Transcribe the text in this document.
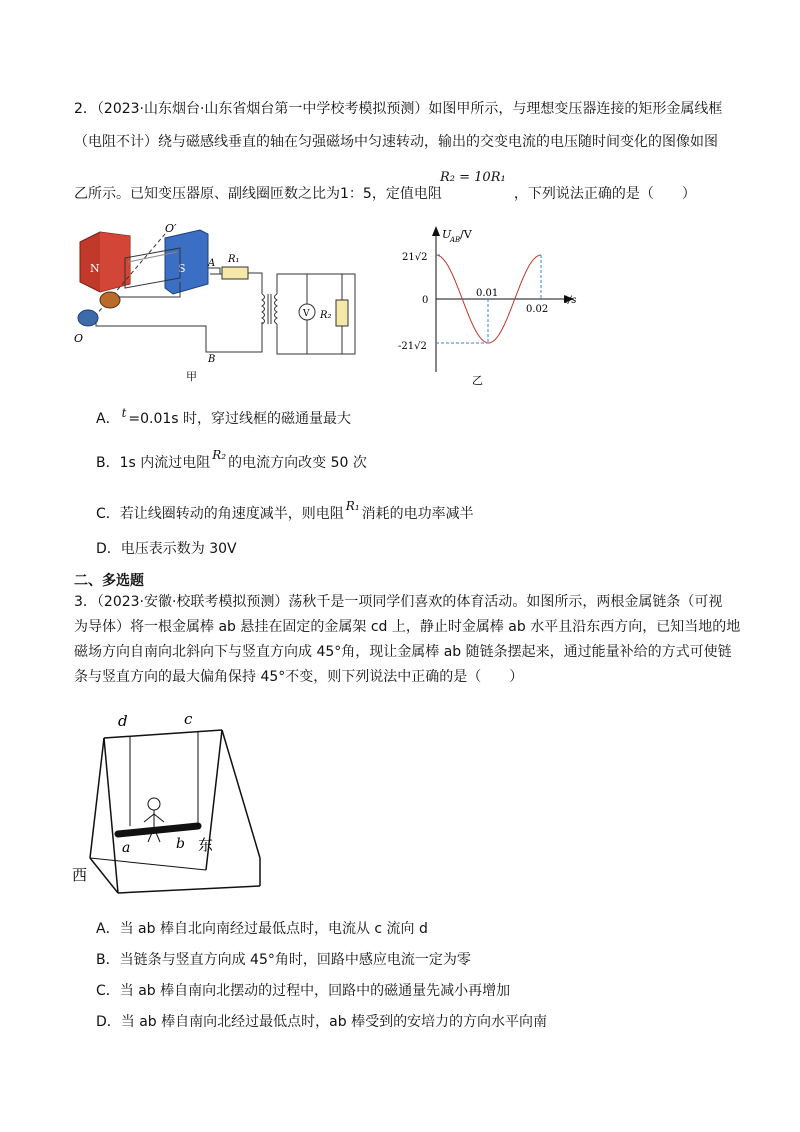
2．（2023·山东烟台·山东省烟台第一中学校考模拟预测）如图甲所示，与理想变压器连接的矩形金属线框
（电阻不计）绕与磁感线垂直的轴在匀强磁场中匀速转动，输出的交变电流的电压随时间变化的图像如图
乙所示。已知变压器原、副线圈匝数之比为1：5，定值电阻	，下列说法正确的是（　　）
R₂ = 10R₁
N	S
O′
O
A R₁
B
V R₂
甲
U
AB /V
21√2
0
-21√2
0.01
0.02
t/s
乙
A． t =0.01s 时，穿过线框的磁通量最大
B．1s 内流过电阻 R₂ 的电流方向改变 50 次
C．若让线圈转动的角速度减半，则电阻 R₁ 消耗的电功率减半
D．电压表示数为 30V
二、多选题
3．（2023·安徽·校联考模拟预测）荡秋千是一项同学们喜欢的体育活动。如图所示，两根金属链条（可视
为导体）将一根金属棒 ab 悬挂在固定的金属架 cd 上，静止时金属棒 ab 水平且沿东西方向，已知当地的地
磁场方向自南向北斜向下与竖直方向成 45°角，现让金属棒 ab 随链条摆起来，通过能量补给的方式可使链
条与竖直方向的最大偏角保持 45°不变，则下列说法中正确的是（　　）
d	c
a	b 东
西
A．当 ab 棒自北向南经过最低点时，电流从 c 流向 d
B．当链条与竖直方向成 45°角时，回路中感应电流一定为零
C．当 ab 棒自南向北摆动的过程中，回路中的磁通量先减小再增加
D．当 ab 棒自南向北经过最低点时，ab 棒受到的安培力的方向水平向南
